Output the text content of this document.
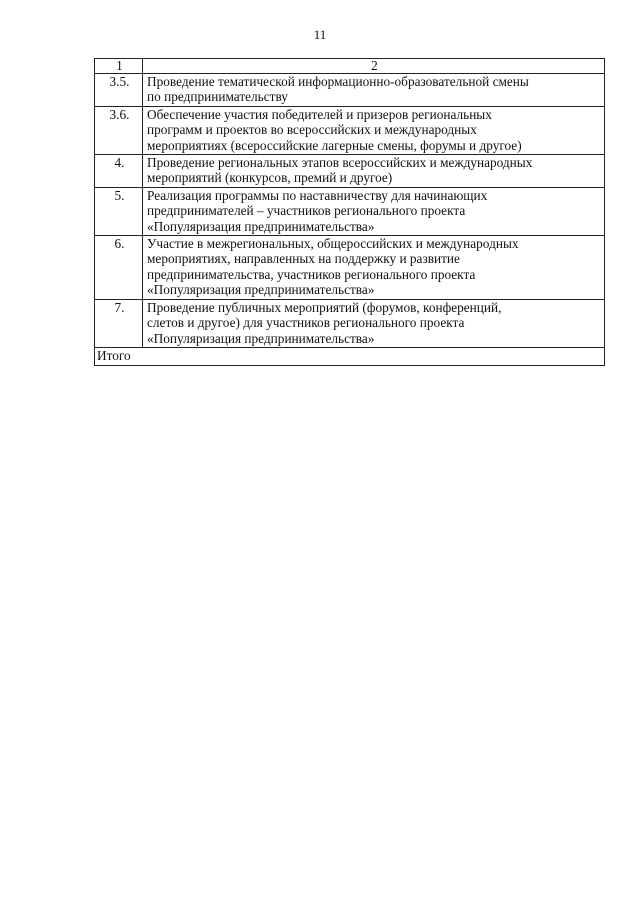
11
1	2
3.5.	Проведение тематической информационно-образовательной смены
по предпринимательству

3.6.	Обеспечение участия победителей и призеров региональных
программ и проектов во всероссийских и международных
мероприятиях (всероссийские лагерные смены, форумы и другое)

4.	Проведение региональных этапов всероссийских и международных
мероприятий (конкурсов, премий и другое)

5.	Реализация программы по наставничеству для начинающих
предпринимателей – участников регионального проекта
«Популяризация предпринимательства»

6.	Участие в межрегиональных, общероссийских и международных
мероприятиях, направленных на поддержку и развитие
предпринимательства, участников регионального проекта
«Популяризация предпринимательства»

7.	Проведение публичных мероприятий (форумов, конференций,
слетов и другое) для участников регионального проекта
«Популяризация предпринимательства»

Итого	
